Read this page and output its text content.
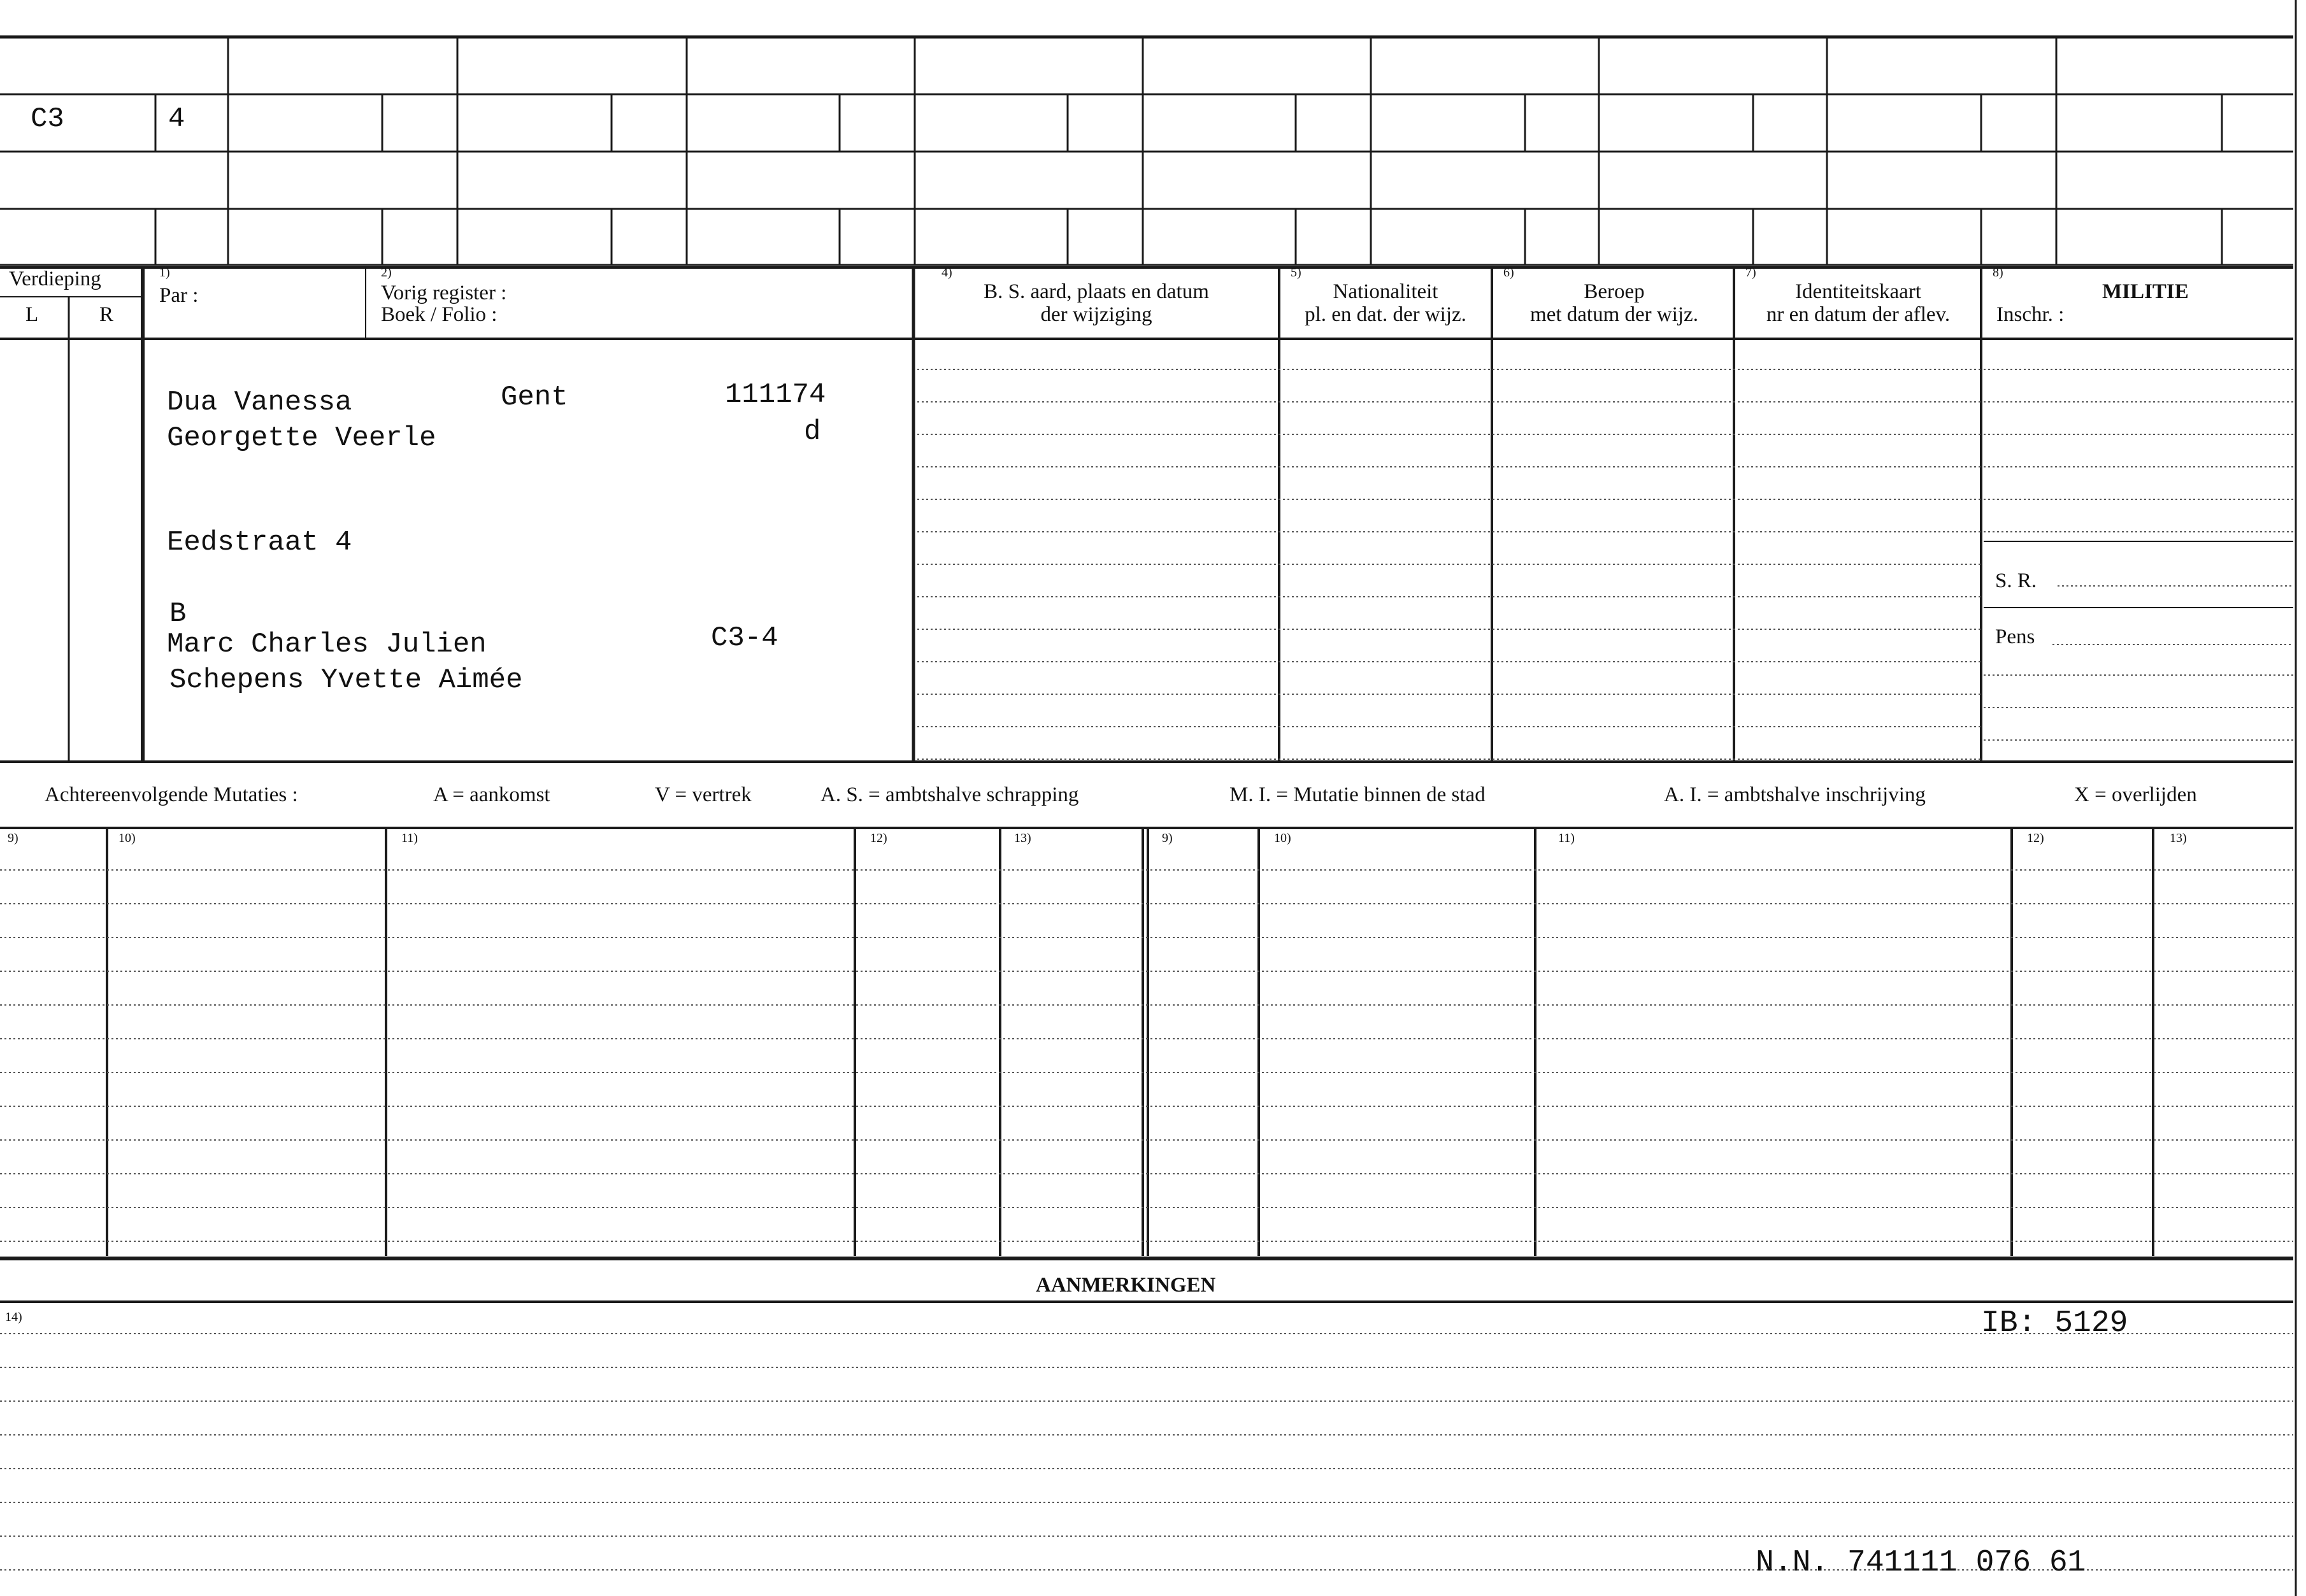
C3	4
Verdieping
L	R
1)
Par :
2)
Vorig register :
Boek / Folio :
4)
B. S. aard, plaats en datum
der wijziging
5)
Nationaliteit
pl. en dat. der wijz.
6)
Beroep
met datum der wijz.
7)
Identiteitskaart
nr en datum der aflev.
8)
MILITIE
Inschr. :
Dua Vanessa	Gent	111174
d
Georgette Veerle
Eedstraat 4
B
Marc Charles Julien	C3-4
Schepens Yvette Aimée
S. R.
Pens
Achtereenvolgende Mutaties :	A = aankomst	V = vertrek	A. S. = ambtshalve schrapping	M. I. = Mutatie binnen de stad	A. I. = ambtshalve inschrijving	X = overlijden
9)	10)	11)	12)	13)	9)	10)	11)	12)	13)
AANMERKINGEN
14)	IB: 5129
N.N. 741111 076 61
